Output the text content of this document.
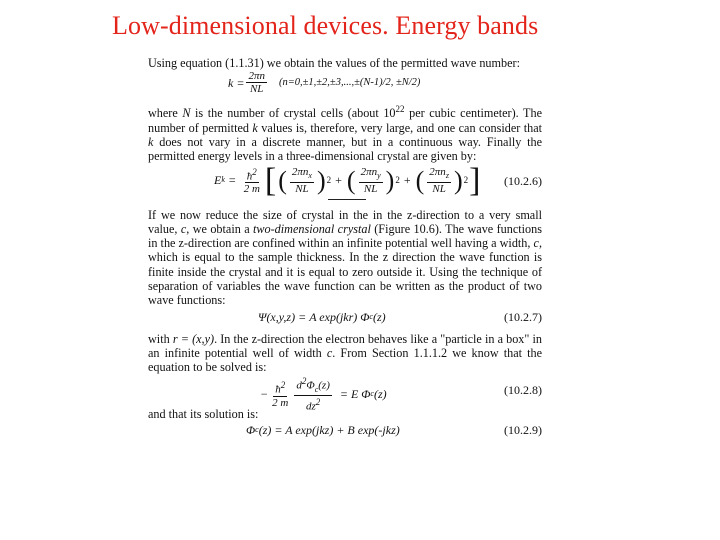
Low-dimensional devices. Energy bands

Using equation (1.1.31) we obtain the values of the permitted wave number:

$k = \frac{2\pi n}{NL} (n=0,\pm 1,\pm 2,\pm 3,...,\pm(N-1)/2$, ±N/2)

where N is the number of crystal cells (about $10^{22}$ per cubic centimeter). The number of permitted k values is, therefore, very large, and one can consider that k does not vary in a discrete manner, but in a continuous way. Finally the permitted energy levels in a three-dimensional crystal are given by:

E $k = \frac{ħ^2}{2 m}$ [ ( $\frac{2\pi n_x}{NL}$ ) 2 + ( $\frac{2\pi n_y}{NL}$ ) 2 + ( $\frac{2\pi n_z}{NL}$ ) 2 ] (10.2.6)

If we now reduce the size of crystal in the in the z-direction to a very small value, c, we obtain a two-dimensional crystal (Figure 10.6). The wave functions in the z-direction are confined within an infinite potential well having a width, c, which is equal to the sample thickness. In the z direction the wave function is finite inside the crystal and it is equal to zero outside it. Using the technique of separation of variables the wave function can be written as the product of two wave functions:

Ψ(x,y,z) = A exp(jkr) Φ c (z)	(10.2.7)

with r = (x,y). In the z-direction the electron behaves like a "particle in a box" in an infinite potential well of width c. From Section 1.1.1.2 we know that the equation to be solved is:

− $\frac{ħ^2}{2 m} \frac{d^2\Phi_c(z)}{dz^2} = E$ Φ c (z)	(10.2.8)

and that its solution is:

Φ c (z) = A exp(jkz) + B exp(-jkz)	(10.2.9)
